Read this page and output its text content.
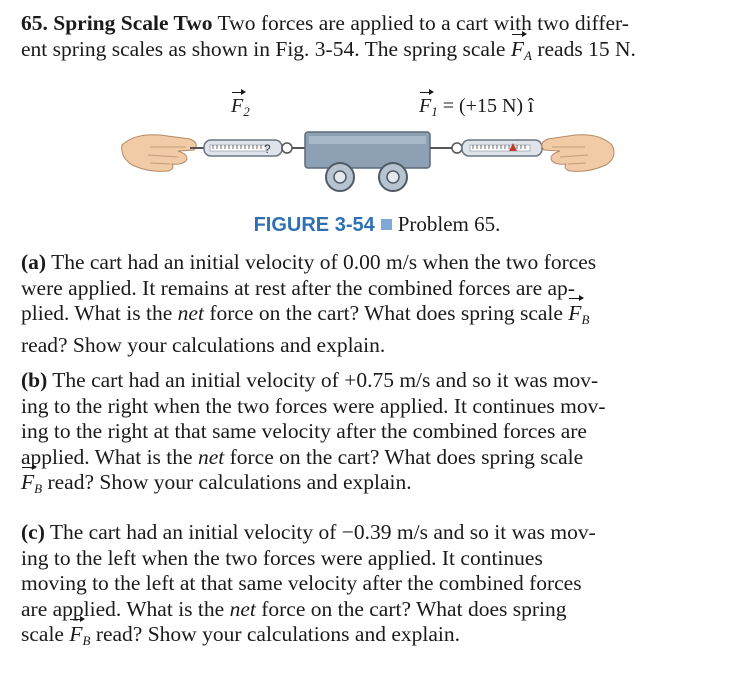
65. Spring Scale Two Two forces are applied to a cart with two differ-
ent spring scales as shown in Fig. 3-54. The spring scale $F_A$ reads 15 N.
$F_2$	$F_1 = (+15$ N) î
?
FIGURE 3-54 Problem 65.
(a) The cart had an initial velocity of 0.00 m/s when the two forces
were applied. It remains at rest after the combined forces are ap-
plied. What is the net force on the cart? What does spring scale $F_B$
read? Show your calculations and explain.
(b) The cart had an initial velocity of +0.75 m/s and so it was mov-
ing to the right when the two forces were applied. It continues mov-
ing to the right at that same velocity after the combined forces are
applied. What is the net force on the cart? What does spring scale
$F_B$ read? Show your calculations and explain.
(c) The cart had an initial velocity of −0.39 m/s and so it was mov-
ing to the left when the two forces were applied. It continues
moving to the left at that same velocity after the combined forces
are applied. What is the net force on the cart? What does spring
scale $F_B$ read? Show your calculations and explain.
